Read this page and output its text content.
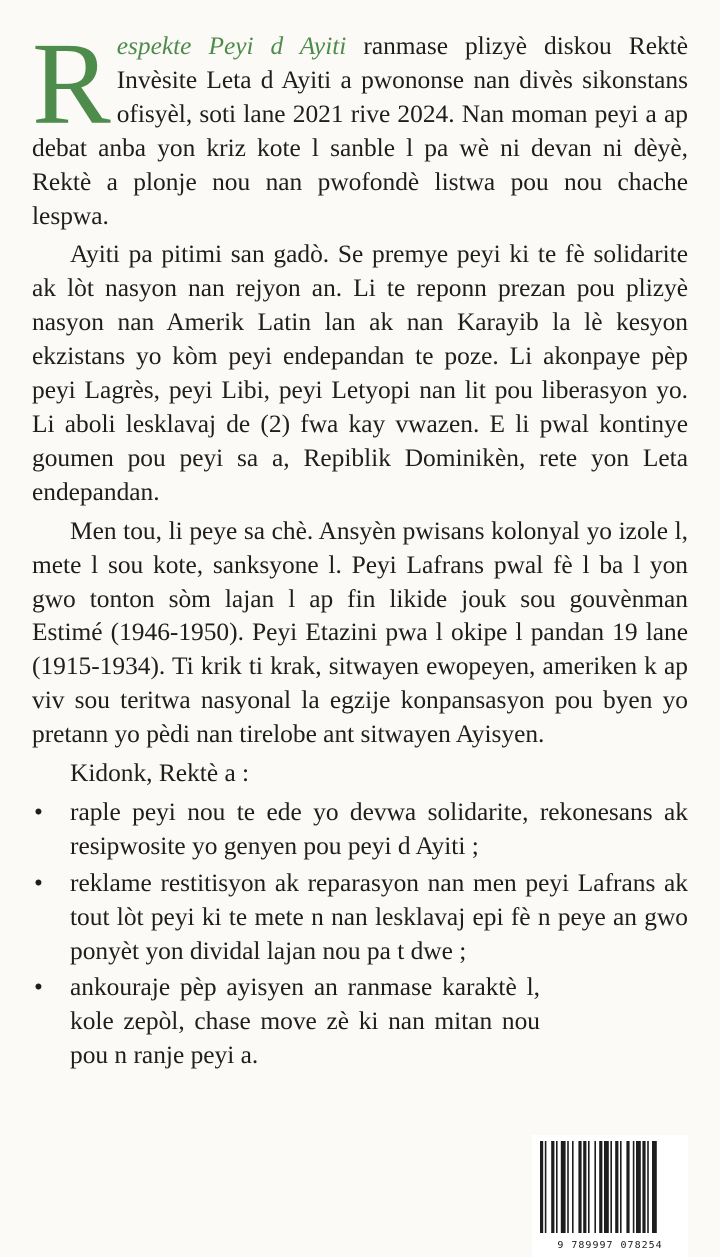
Respekte Peyi d Ayiti ranmase plizyè diskou Rektè Invèsite Leta d Ayiti a pwononse nan divès sikonstans ofisyèl, soti lane 2021 rive 2024. Nan moman peyi a ap debat anba yon kriz kote l sanble l pa wè ni devan ni dèyè, Rektè a plonje nou nan pwofondè listwa pou nou chache lespwa.

Ayiti pa pitimi san gadò. Se premye peyi ki te fè solidarite ak lòt nasyon nan rejyon an. Li te reponn prezan pou plizyè nasyon nan Amerik Latin lan ak nan Karayib la lè kesyon ekzistans yo kòm peyi endepandan te poze. Li akonpaye pèp peyi Lagrès, peyi Libi, peyi Letyopi nan lit pou liberasyon yo. Li aboli lesklavaj de (2) fwa kay vwazen. E li pwal kontinye goumen pou peyi sa a, Repiblik Dominikèn, rete yon Leta endepandan.

Men tou, li peye sa chè. Ansyèn pwisans kolonyal yo izole l, mete l sou kote, sanksyone l. Peyi Lafrans pwal fè l ba l yon gwo tonton sòm lajan l ap fin likide jouk sou gouvènman Estimé (1946-1950). Peyi Etazini pwa l okipe l pandan 19 lane (1915-1934). Ti krik ti krak, sitwayen ewopeyen, ameriken k ap viv sou teritwa nasyonal la egzije konpansasyon pou byen yo pretann yo pèdi nan tirelobe ant sitwayen Ayisyen.

Kidonk, Rektè a :

• raple peyi nou te ede yo devwa solidarite, rekonesans ak resipwosite yo genyen pou peyi d Ayiti ;
• reklame restitisyon ak reparasyon nan men peyi Lafrans ak tout lòt peyi ki te mete n nan lesklavaj epi fè n peye an gwo ponyèt yon dividal lajan nou pa t dwe ;
• ankouraje pèp ayisyen an ranmase karaktè l, kole zepòl, chase move zè ki nan mitan nou pou n ranje peyi a.
9 789997 078254
